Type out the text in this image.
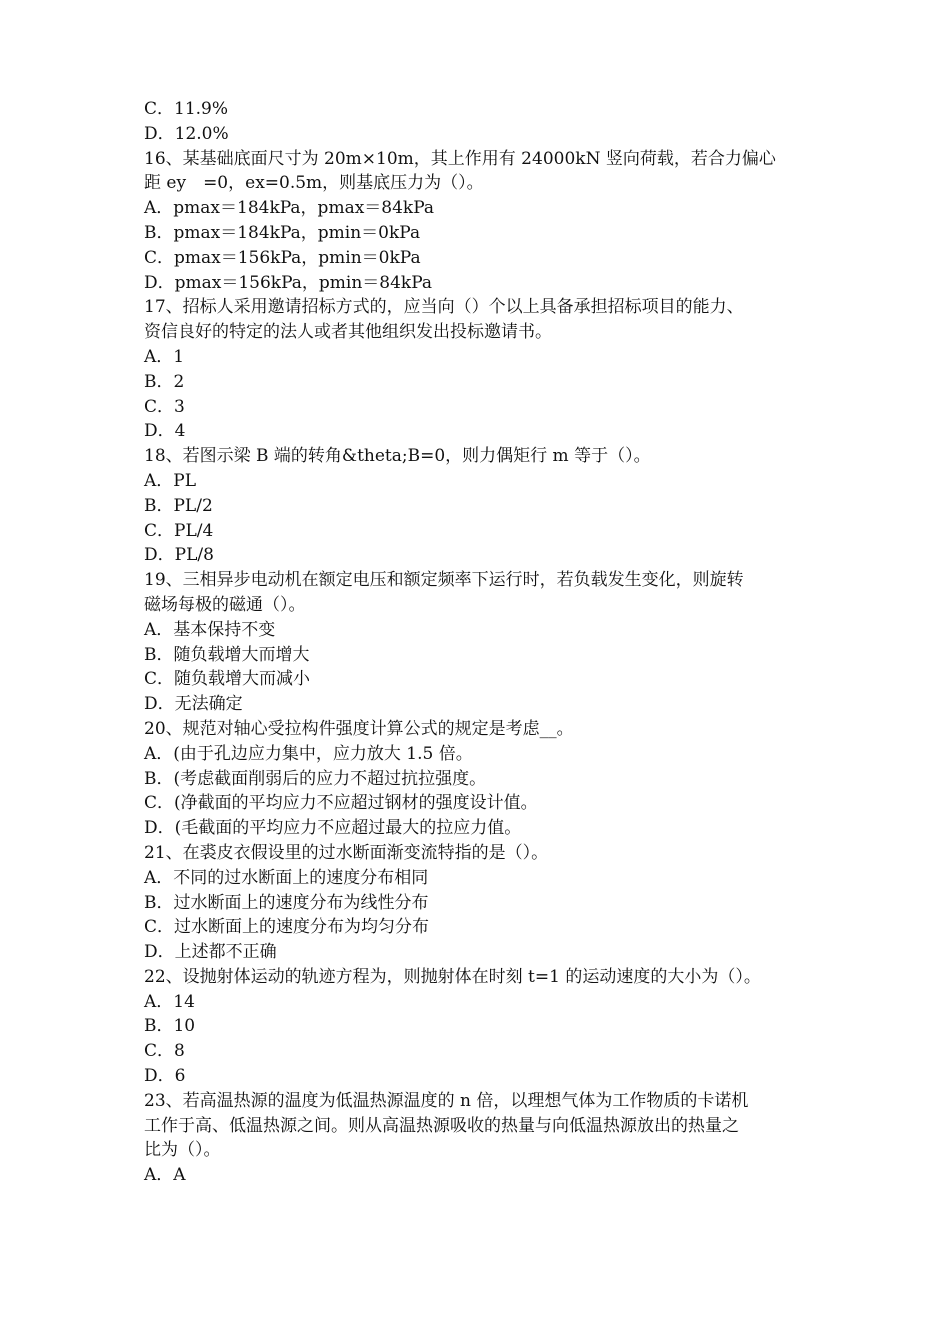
C．11.9%

D．12.0%

16、某基础底面尺寸为 20m×10m，其上作用有 24000kN 竖向荷载，若合力偏心

距 ey　=0，ex=0.5m，则基底压力为（）。

A．pmax＝184kPa，pmax＝84kPa

B．pmax＝184kPa，pmin＝0kPa

C．pmax＝156kPa，pmin＝0kPa

D．pmax＝156kPa，pmin＝84kPa

17、招标人采用邀请招标方式的，应当向（）个以上具备承担招标项目的能力、

资信良好的特定的法人或者其他组织发出投标邀请书。

A．1

B．2

C．3

D．4

18、若图示梁 B 端的转角&theta;B=0，则力偶矩行 m 等于（）。

A．PL

B．PL/2

C．PL/4

D．PL/8

19、三相异步电动机在额定电压和额定频率下运行时，若负载发生变化，则旋转

磁场每极的磁通（）。

A．基本保持不变

B．随负载增大而增大

C．随负载增大而减小

D．无法确定

20、规范对轴心受拉构件强度计算公式的规定是考虑__。

A．(由于孔边应力集中，应力放大 1.5 倍。

B．(考虑截面削弱后的应力不超过抗拉强度。

C．(净截面的平均应力不应超过钢材的强度设计值。

D．(毛截面的平均应力不应超过最大的拉应力值。

21、在裘皮衣假设里的过水断面渐变流特指的是（）。

A．不同的过水断面上的速度分布相同

B．过水断面上的速度分布为线性分布

C．过水断面上的速度分布为均匀分布

D．上述都不正确

22、设抛射体运动的轨迹方程为，则抛射体在时刻 t=1 的运动速度的大小为（）。

A．14

B．10

C．8

D．6

23、若高温热源的温度为低温热源温度的 n 倍，以理想气体为工作物质的卡诺机

工作于高、低温热源之间。则从高温热源吸收的热量与向低温热源放出的热量之

比为（）。

A．A
